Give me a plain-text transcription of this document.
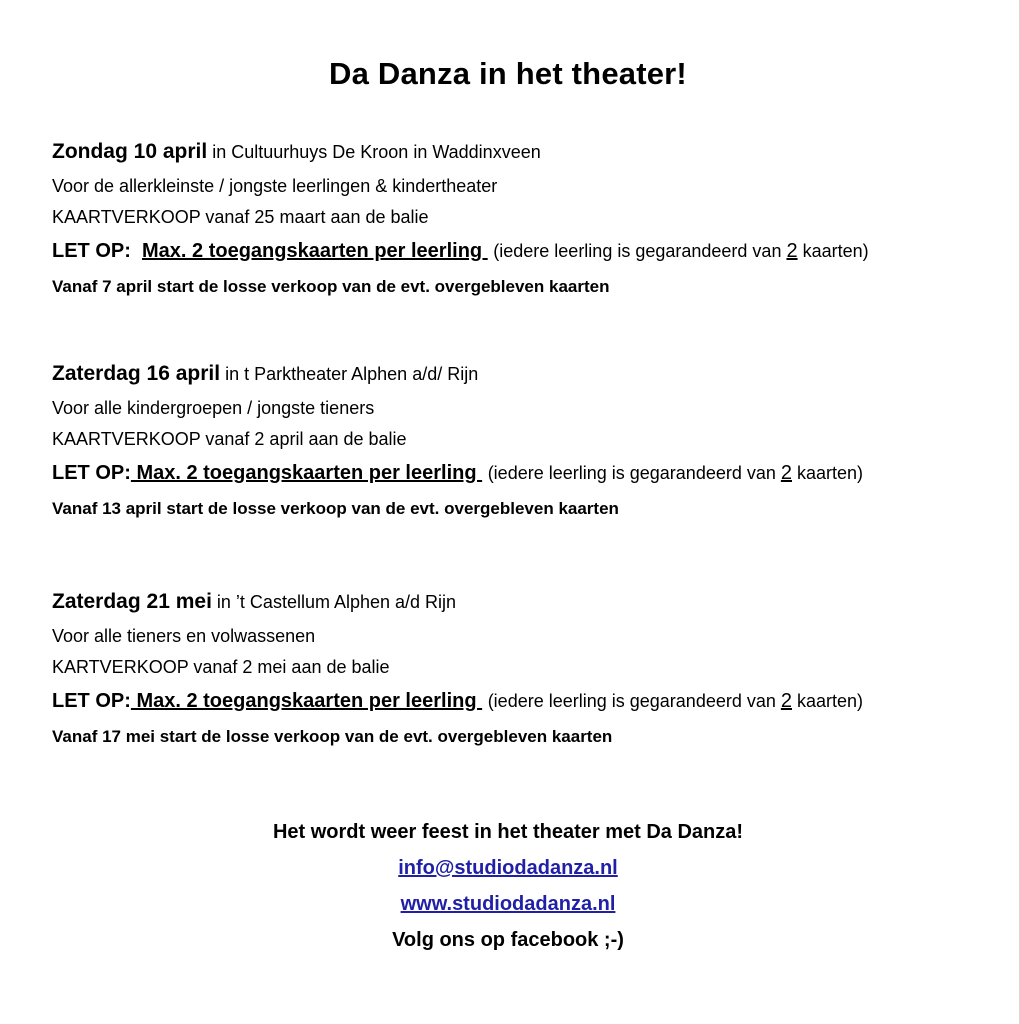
Da Danza in het theater!
Zondag 10 april in Cultuurhuys De Kroon in Waddinxveen
Voor de allerkleinste / jongste leerlingen & kindertheater
KAARTVERKOOP vanaf 25 maart aan de balie
LET OP:  Max. 2 toegangskaarten per leerling  (iedere leerling is gegarandeerd van 2 kaarten)
Vanaf 7 april start de losse verkoop van de evt. overgebleven kaarten
Zaterdag 16 april in t Parktheater Alphen a/d/ Rijn
Voor alle kindergroepen / jongste tieners
KAARTVERKOOP vanaf 2 april aan de balie
LET OP: Max. 2 toegangskaarten per leerling  (iedere leerling is gegarandeerd van 2 kaarten)
Vanaf 13 april start de losse verkoop van de evt. overgebleven kaarten
Zaterdag 21 mei in ’t Castellum Alphen a/d Rijn
Voor alle tieners en volwassenen
KARTVERKOOP vanaf 2 mei aan de balie
LET OP: Max. 2 toegangskaarten per leerling  (iedere leerling is gegarandeerd van 2 kaarten)
Vanaf 17 mei start de losse verkoop van de evt. overgebleven kaarten
Het wordt weer feest in het theater met Da Danza!
info@studiodadanza.nl
www.studiodadanza.nl
Volg ons op facebook ;-)
